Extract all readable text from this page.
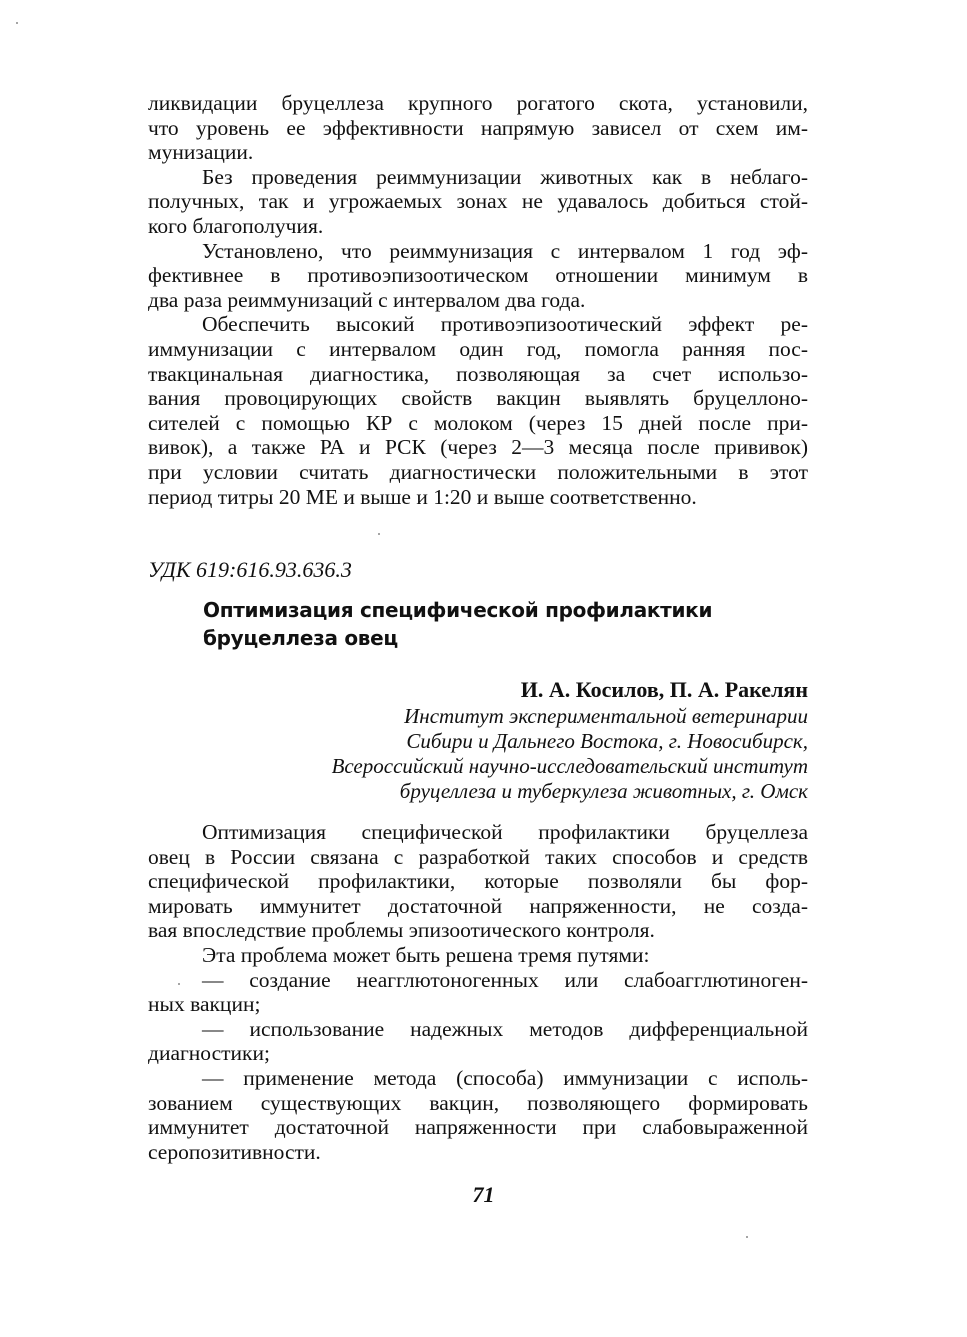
ликвидации бруцеллеза крупного рогатого скота, установили,
что уровень ее эффективности напрямую зависел от схем им-
мунизации.
Без проведения реиммунизации животных как в неблаго-
получных, так и угрожаемых зонах не удавалось добиться стой-
кого благополучия.
Установлено, что реиммунизация с интервалом 1 год эф-
фективнее в противоэпизоотическом отношении минимум в
два раза реиммунизаций с интервалом два года.
Обеспечить высокий противоэпизоотический эффект ре-
иммунизации с интервалом один год, помогла ранняя пос-
твакцинальная диагностика, позволяющая за счет использо-
вания провоцирующих свойств вакцин выявлять бруцеллоно-
сителей с помощью КР с молоком (через 15 дней после при-
вивок), а также РА и РСК (через 2—3 месяца после прививок)
при условии считать диагностически положительными в этот
период титры 20 МЕ и выше и 1:20 и выше соответственно.
УДК 619:616.93.636.3
Оптимизация специфической профилактики
бруцеллеза овец
И. А. Косилов, П. А. Ракелян
Институт экспериментальной ветеринарии
Сибири и Дальнего Востока, г. Новосибирск,
Всероссийский научно-исследовательский институт
бруцеллеза и туберкулеза животных, г. Омск
Оптимизация специфической профилактики бруцеллеза
овец в России связана с разработкой таких способов и средств
специфической профилактики, которые позволяли бы фор-
мировать иммунитет достаточной напряженности, не созда-
вая впоследствие проблемы эпизоотического контроля.
Эта проблема может быть решена тремя путями:
— создание неагглютоногенных или слабоагглютиноген-
ных вакцин;
— использование надежных методов дифференциальной
диагностики;
— применение метода (способа) иммунизации с исполь-
зованием существующих вакцин, позволяющего формировать
иммунитет достаточной напряженности при слабовыраженной
серопозитивности.
71
